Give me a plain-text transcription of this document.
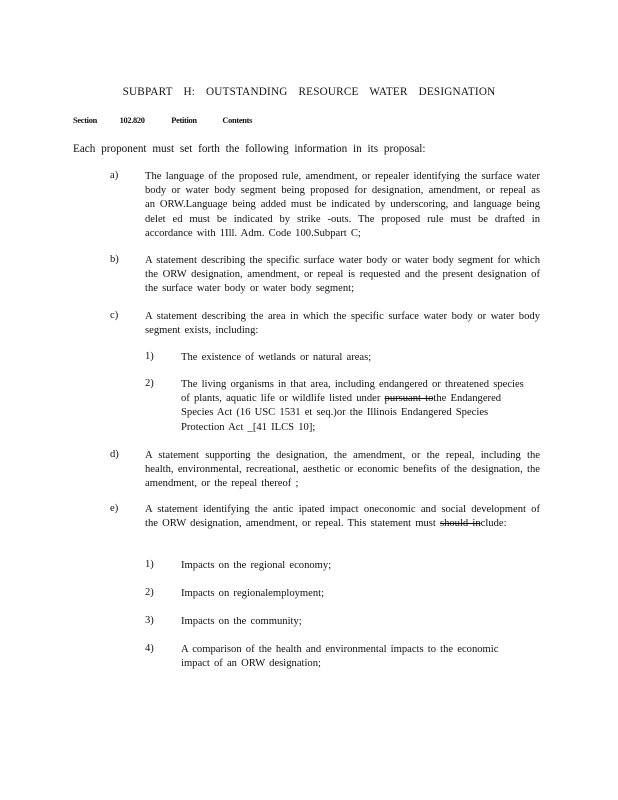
SUBPART H: OUTSTANDING RESOURCE WATER DESIGNATION
Section	102.820	Petition	Contents
Each proponent must set forth the following information in its proposal:
a)	The language of the proposed rule, amendment, or repealer identifying the surface water body or water body segment being proposed for designation, amendment, or repeal as an ORW.Language being added must be indicated by underscoring, and language being delet ed must be indicated by strike -outs. The proposed rule must be drafted in accordance with 1Ill. Adm. Code 100.Subpart C;
b) A statement describing the specific surface water body or water body segment for which the ORW designation, amendment, or repeal is requested and the present designation of the surface water body or water body segment;
c)	A statement describing the area in which the specific surface water body or water body segment exists, including:
1)	The existence of wetlands or natural areas;
2)	The living organisms in that area, including endangered or threatened species of plants, aquatic life or wildlife listed under pursuant tothe Endangered Species Act (16 USC 1531 et seq.)or the Illinois Endangered Species Protection Act _[41 ILCS 10];
d) A statement supporting the designation, the amendment, or the repeal, including the health, environmental, recreational, aesthetic or economic benefits of the designation, the amendment, or the repeal thereof ;
e)	A statement identifying the antic ipated impact oneconomic and social development of the ORW designation, amendment, or repeal. This statement must should include:
1)	Impacts on the regional economy;
2)	Impacts on regionalemployment;
3)	Impacts on the community;
4)	A comparison of the health and environmental impacts to the economic impact of an ORW designation;
